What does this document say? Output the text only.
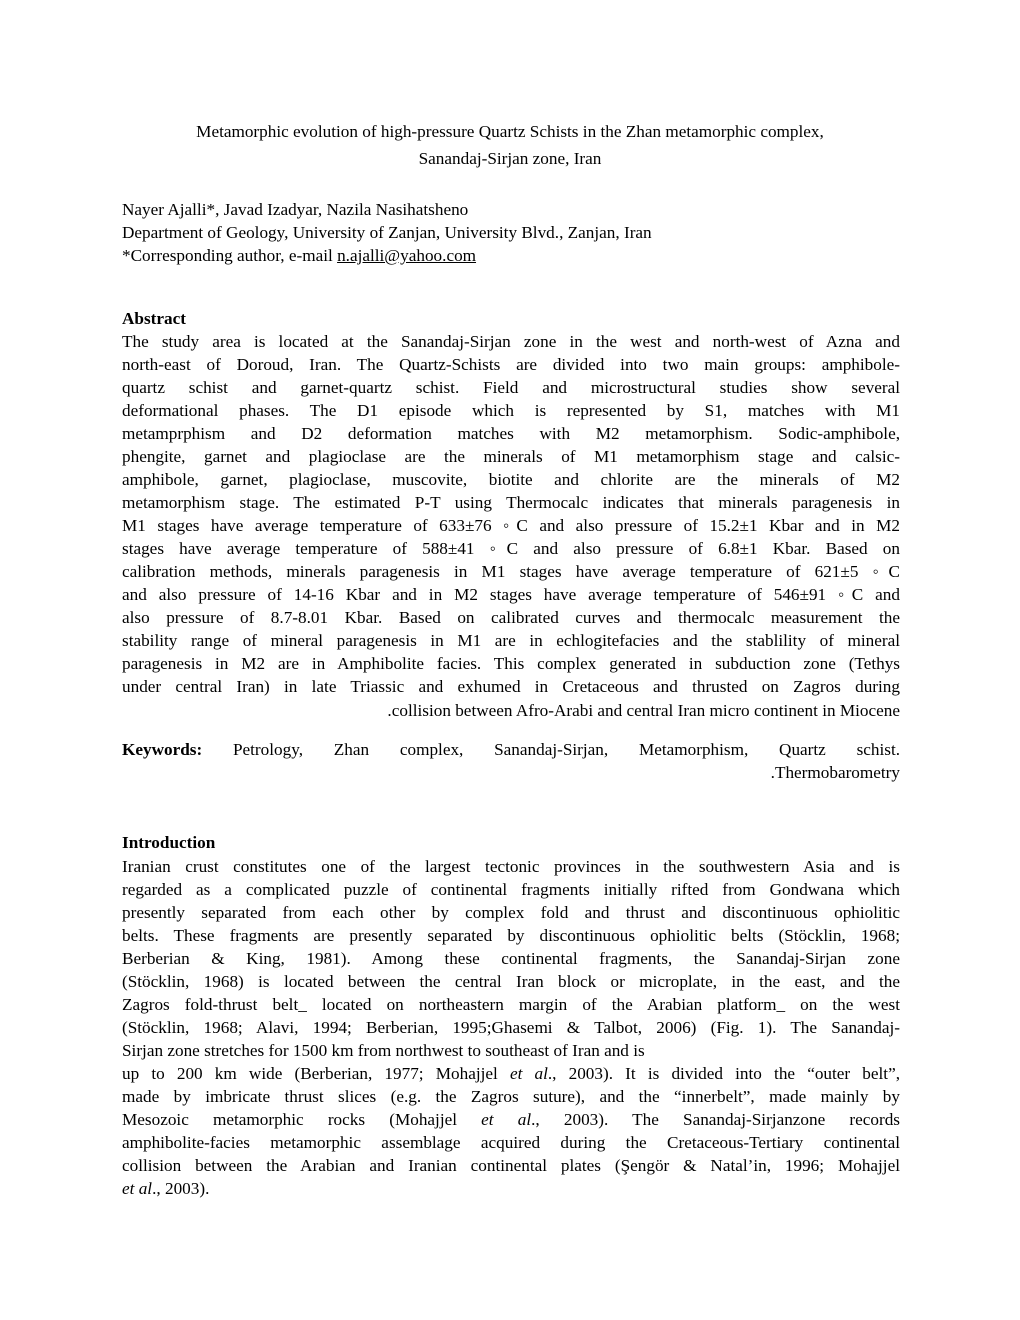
Metamorphic evolution of high-pressure Quartz Schists in the Zhan metamorphic complex,
Sanandaj-Sirjan zone, Iran
Nayer Ajalli*, Javad Izadyar, Nazila Nasihatsheno
Department of Geology, University of Zanjan, University Blvd., Zanjan, Iran
*Corresponding author, e-mail n.ajalli@yahoo.com
Abstract
The study area is located at the Sanandaj-Sirjan zone in the west and north-west of Azna and
north-east of Doroud, Iran. The Quartz-Schists are divided into two main groups: amphibole-
quartz schist and garnet-quartz schist. Field and microstructural studies show several
deformational phases. The D1 episode which is represented by S1, matches with M1
metamprphism and D2 deformation matches with M2 metamorphism. Sodic-amphibole,
phengite, garnet and plagioclase are the minerals of M1 metamorphism stage and calsic-
amphibole, garnet, plagioclase, muscovite, biotite and chlorite are the minerals of M2
metamorphism stage. The estimated P-T using Thermocalc indicates that minerals paragenesis in
M1 stages have average temperature of 633±76 ◦C and also pressure of 15.2±1 Kbar and in M2
stages have average temperature of 588±41 ◦C and also pressure of 6.8±1 Kbar. Based on
calibration methods, minerals paragenesis in M1 stages have average temperature of 621±5 ◦C
and also pressure of 14-16 Kbar and in M2 stages have average temperature of 546±91 ◦C and
also pressure of 8.7-8.01 Kbar. Based on calibrated curves and thermocalc measurement the
stability range of mineral paragenesis in M1 are in echlogitefacies and the stablility of mineral
paragenesis in M2 are in Amphibolite facies. This complex generated in subduction zone (Tethys
under central Iran) in late Triassic and exhumed in Cretaceous and thrusted on Zagros during
.collision between Afro-Arabi and central Iran micro continent in Miocene
Keywords: Petrology, Zhan complex, Sanandaj-Sirjan, Metamorphism, Quartz schist.
.Thermobarometry
Introduction
Iranian crust constitutes one of the largest tectonic provinces in the southwestern Asia and is
regarded as a complicated puzzle of continental fragments initially rifted from Gondwana which
presently separated from each other by complex fold and thrust and discontinuous ophiolitic
belts. These fragments are presently separated by discontinuous ophiolitic belts (Stöcklin, 1968;
Berberian & King, 1981). Among these continental fragments, the Sanandaj-Sirjan zone
(Stöcklin, 1968) is located between the central Iran block or microplate, in the east, and the
Zagros fold-thrust belt_ located on northeastern margin of the Arabian platform_ on the west
(Stöcklin, 1968; Alavi, 1994; Berberian, 1995;Ghasemi & Talbot, 2006) (Fig. 1). The Sanandaj-
Sirjan zone stretches for 1500 km from northwest to southeast of Iran and is
up to 200 km wide (Berberian, 1977; Mohajjel et al., 2003). It is divided into the “outer belt”,
made by imbricate thrust slices (e.g. the Zagros suture), and the “innerbelt”, made mainly by
Mesozoic metamorphic rocks (Mohajjel et al., 2003). The Sanandaj-Sirjanzone records
amphibolite-facies metamorphic assemblage acquired during the Cretaceous-Tertiary continental
collision between the Arabian and Iranian continental plates (Şengör & Natal’in, 1996; Mohajjel
et al., 2003).
